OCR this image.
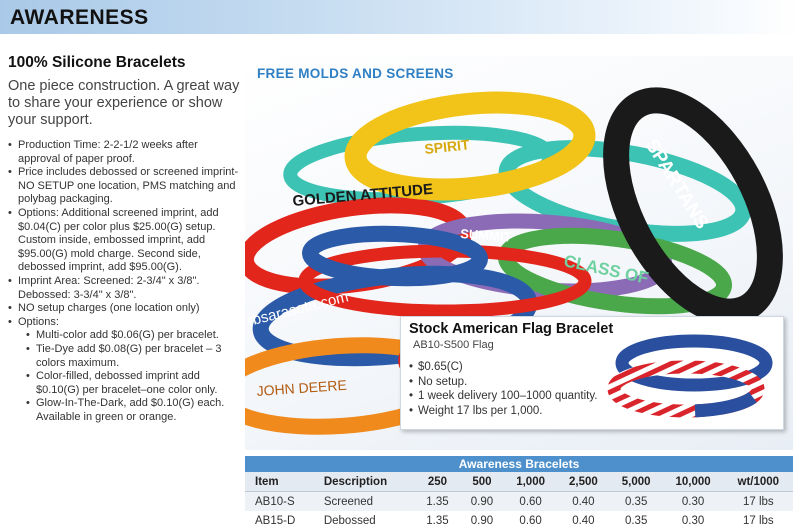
AWARENESS
100% Silicone Bracelets

One piece construction. A great way to share your experience or show your support.

• Production Time: 2-2-1/2 weeks after approval of paper proof.
• Price includes debossed or screened imprint-NO SETUP one location, PMS matching and polybag packaging.
• Options: Additional screened imprint, add $0.04(C) per color plus $25.00(G) setup. Custom inside, embossed imprint, add $95.00(G) mold charge. Second side, debossed imprint, add $95.00(G).
• Imprint Area: Screened: 2-3/4" x 3/8". Debossed: 3-3/4" x 3/8".
• NO setup charges (one location only)
• Options:
• Multi-color add $0.06(G) per bracelet.
• Tie-Dye add $0.08(G) per bracelet – 3 colors maximum.
• Color-filled, debossed imprint add $0.10(G) per bracelet–one color only.
• Glow-In-The-Dark, add $0.10(G) each. Available in green or orange.
GOLDEN ATTITUDE	SPARTANS
CLASS OF
rbsarasota.com
SUMMIT
JOHN DEERE
SPIRIT
FREE MOLDS AND SCREENS
Stock American Flag Bracelet
AB10-S500 Flag
• $0.65(C)
• No setup.
• 1 week delivery 100–1000 quantity.
• Weight 17 lbs per 1,000.
Awareness Bracelets								
Item	Description	250	500	1,000	2,500	5,000	10,000	wt/1000
AB10-S	Screened	1.35	0.90	0.60	0.40	0.35	0.30	17 lbs
AB15-D	Debossed	1.35	0.90	0.60	0.40	0.35	0.30	17 lbs
